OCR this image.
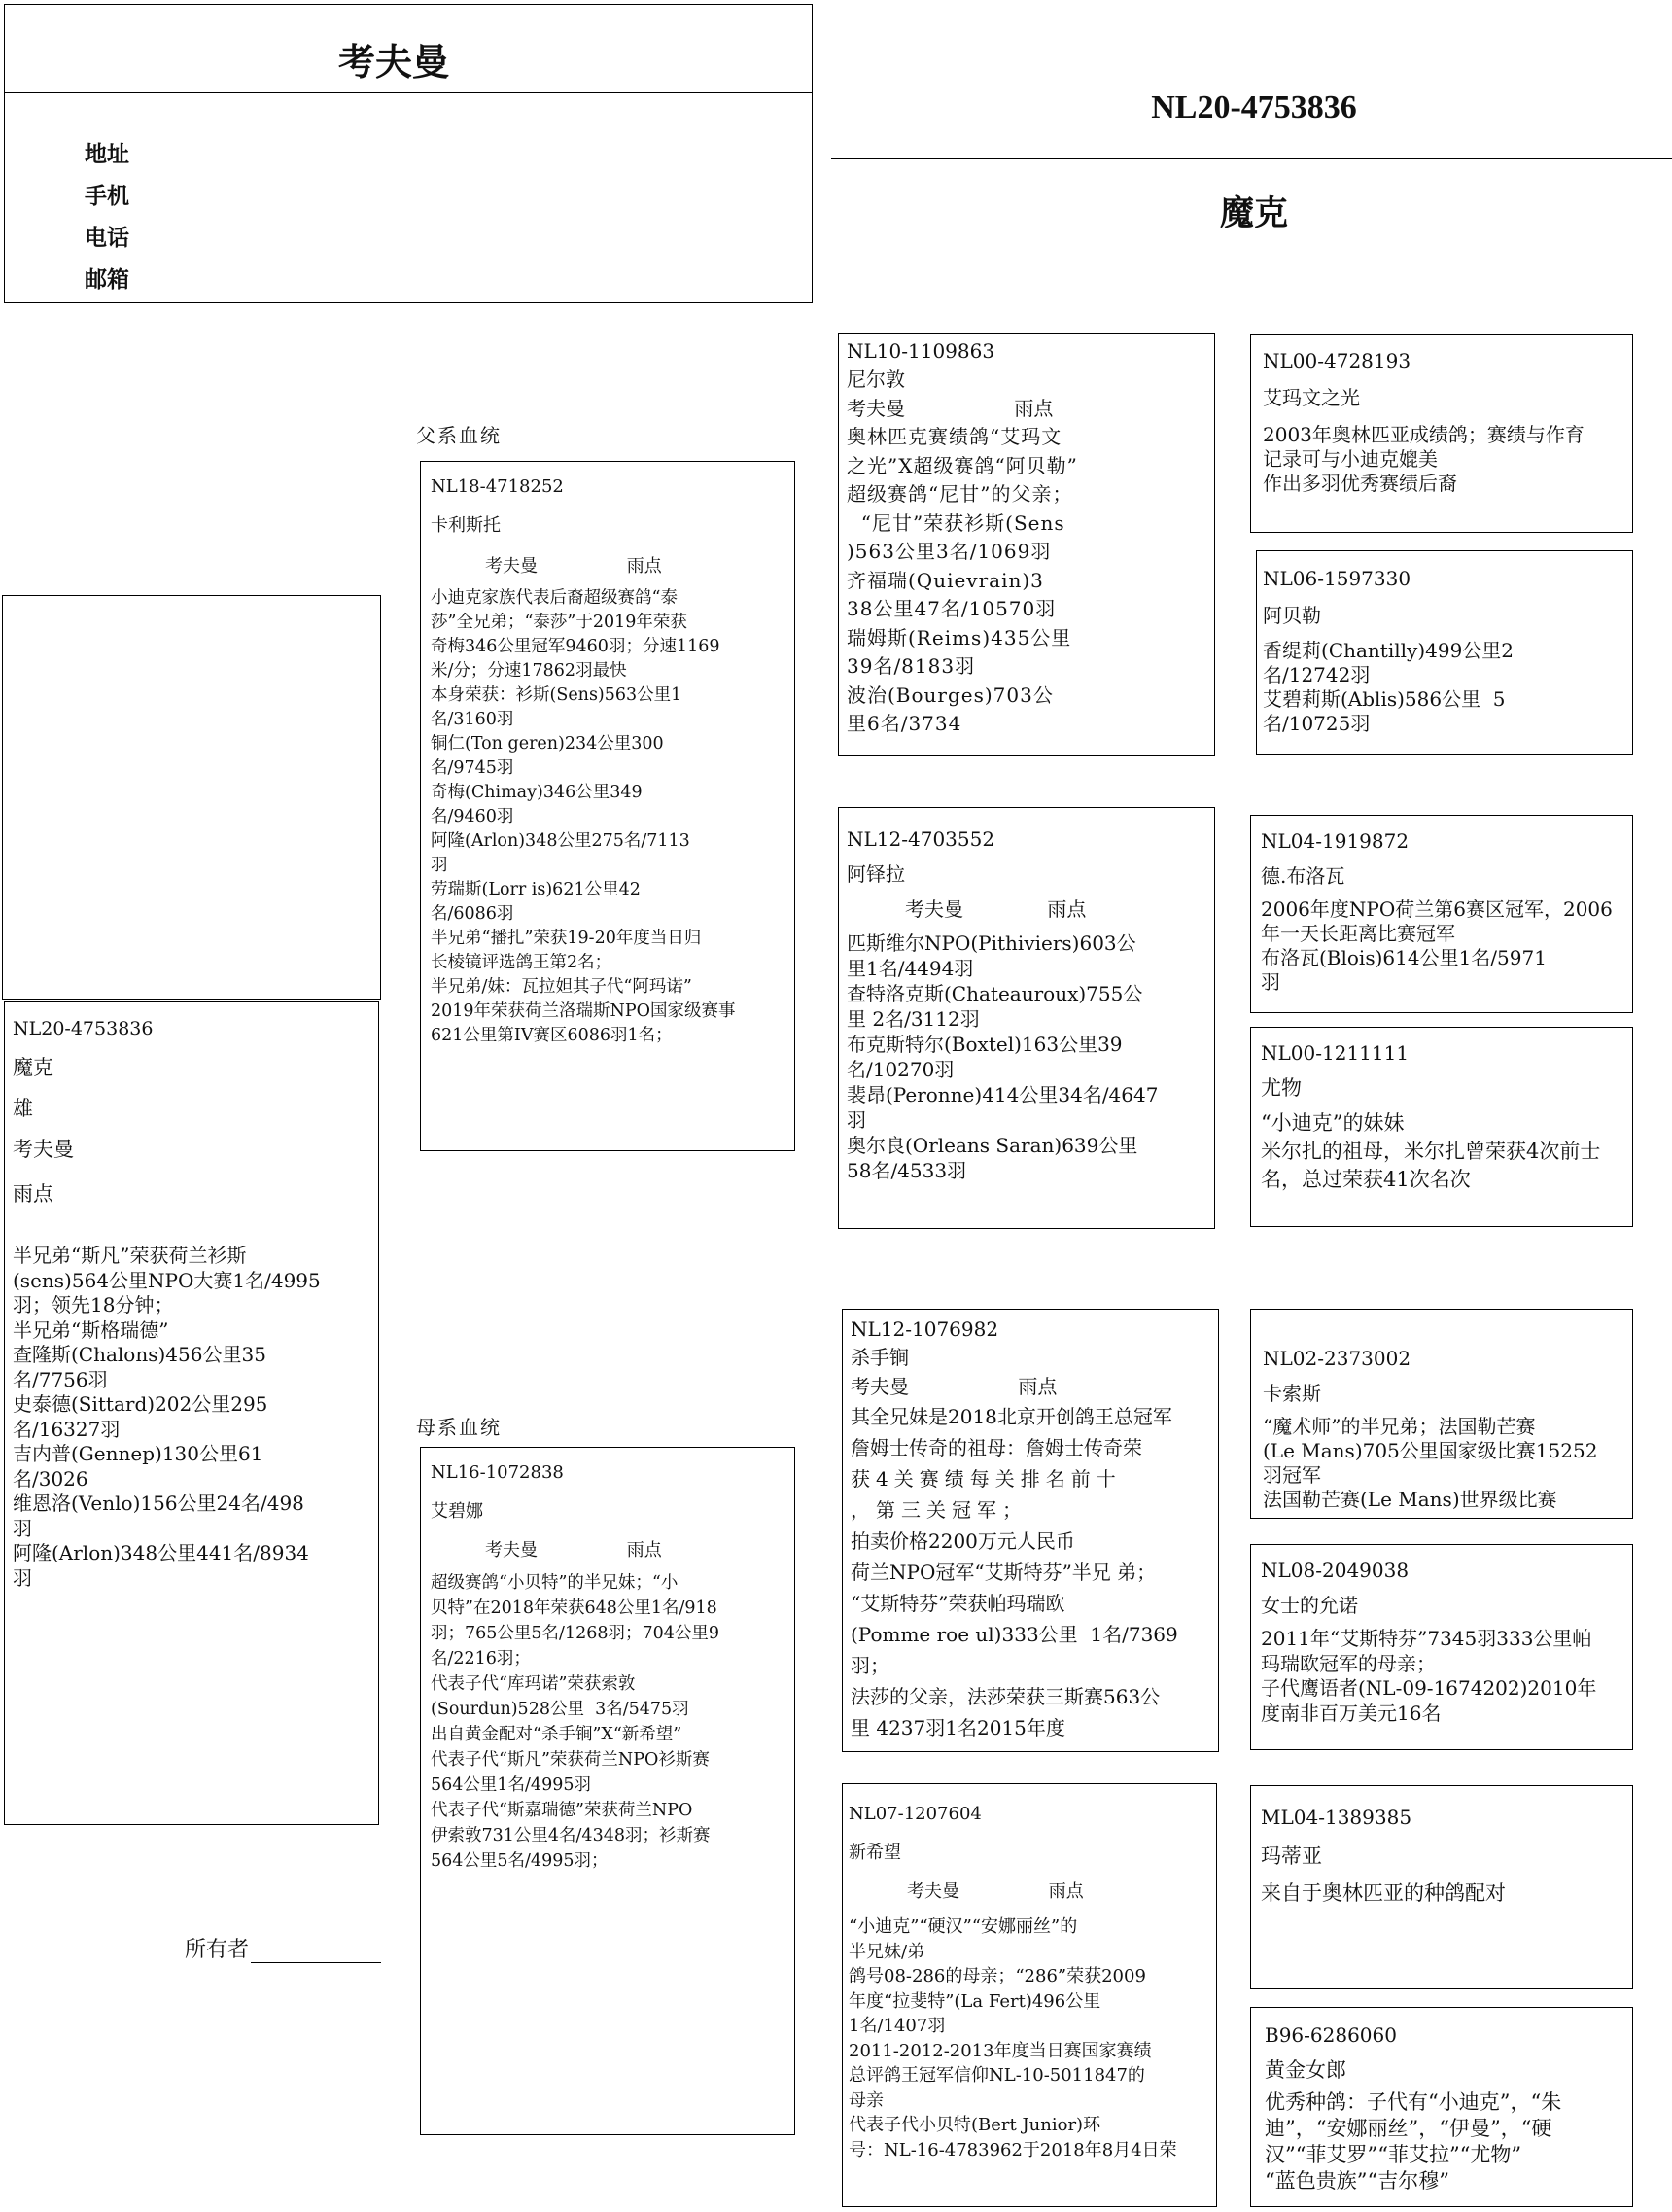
考夫曼
地址
手机
电话
邮箱
NL20-4753836
魔克
NL20-4753836
魔克
雄
考夫曼
雨点
半兄弟“斯凡”荣获荷兰衫斯
(sens)564公里NPO大赛1名/4995
羽；领先18分钟；
半兄弟“斯格瑞德”
查隆斯(Chalons)456公里35
名/7756羽
史泰德(Sittard)202公里295
名/16327羽
吉内普(Gennep)130公里61
名/3026
维恩洛(Venlo)156公里24名/498
羽
阿隆(Arlon)348公里441名/8934
羽
所有者
父系血统
母系血统
NL18-4718252
卡利斯托
考夫曼	雨点
小迪克家族代表后裔超级赛鸽“泰
莎”全兄弟；“泰莎”于2019年荣获
奇梅346公里冠军9460羽；分速1169
米/分；分速17862羽最快
本身荣获：衫斯(Sens)563公里1
名/3160羽
铜仁(Ton geren)234公里300
名/9745羽
奇梅(Chimay)346公里349
名/9460羽
阿隆(Arlon)348公里275名/7113
羽
劳瑞斯(Lorr is)621公里42
名/6086羽
半兄弟“播扎”荣获19-20年度当日归
长棱镜评选鸽王第2名；
半兄弟/妹：瓦拉妲其子代“阿玛诺”
2019年荣获荷兰洛瑞斯NPO国家级赛事
621公里第IV赛区6086羽1名；
NL16-1072838
艾碧娜
考夫曼	雨点
超级赛鸽“小贝特”的半兄妹；“小
贝特”在2018年荣获648公里1名/918
羽；765公里5名/1268羽；704公里9
名/2216羽；
代表子代“库玛诺”荣获索敦
(Sourdun)528公里  3名/5475羽
出自黄金配对“杀手锏”X“新希望”
代表子代“斯凡”荣获荷兰NPO衫斯赛
564公里1名/4995羽
代表子代“斯嘉瑞德”荣获荷兰NPO
伊索敦731公里4名/4348羽；衫斯赛
564公里5名/4995羽；
NL10-1109863
尼尔敦
考夫曼	雨点
奥林匹克赛绩鸽“艾玛文
之光”X超级赛鸽“阿贝勒”
超级赛鸽“尼甘”的父亲；
“尼甘”荣获衫斯(Sens
)563公里3名/1069羽
齐福瑞(Quievrain)3
38公里47名/10570羽
瑞姆斯(Reims)435公里
39名/8183羽
波治(Bourges)703公
里6名/3734
NL12-4703552
阿铎拉
考夫曼	雨点
匹斯维尔NPO(Pithiviers)603公
里1名/4494羽
查特洛克斯(Chateauroux)755公
里 2名/3112羽
布克斯特尔(Boxtel)163公里39
名/10270羽
裴昂(Peronne)414公里34名/4647
羽
奥尔良(Orleans Saran)639公里
58名/4533羽
NL12-1076982
杀手锏
考夫曼	雨点
其全兄妹是2018北京开创鸽王总冠军
詹姆士传奇的祖母：詹姆士传奇荣
获4关赛绩每关排名前十
，第三关冠军；
拍卖价格2200万元人民币
荷兰NPO冠军“艾斯特芬”半兄 弟；
“艾斯特芬”荣获帕玛瑞欧
(Pomme roe ul)333公里  1名/7369
羽；
法莎的父亲，法莎荣获三斯赛563公
里 4237羽1名2015年度
NL07-1207604
新希望
考夫曼	雨点
“小迪克”“硬汉”“安娜丽丝”的
半兄妹/弟
鸽号08-286的母亲；“286”荣获2009
年度“拉斐特”(La Fert)496公里
1名/1407羽
2011-2012-2013年度当日赛国家赛绩
总评鸽王冠军信仰NL-10-5011847的
母亲
代表子代小贝特(Bert Junior)环
号：NL-16-4783962于2018年8月4日荣
NL00-4728193
艾玛文之光
2003年奥林匹亚成绩鸽；赛绩与作育
记录可与小迪克媲美
作出多羽优秀赛绩后裔
NL06-1597330
阿贝勒
香缇莉(Chantilly)499公里2
名/12742羽
艾碧莉斯(Ablis)586公里  5
名/10725羽
NL04-1919872
德.布洛瓦
2006年度NPO荷兰第6赛区冠军，2006
年一天长距离比赛冠军
布洛瓦(Blois)614公里1名/5971
羽
NL00-1211111
尤物
“小迪克”的妹妹
米尔扎的祖母，米尔扎曾荣获4次前士
名，总过荣获41次名次
NL02-2373002
卡索斯
“魔术师”的半兄弟；法国勒芒赛
(Le Mans)705公里国家级比赛15252
羽冠军
法国勒芒赛(Le Mans)世界级比赛
NL08-2049038
女士的允诺
2011年“艾斯特芬”7345羽333公里帕
玛瑞欧冠军的母亲；
子代鹰语者(NL-09-1674202)2010年
度南非百万美元16名
ML04-1389385
玛蒂亚
来自于奥林匹亚的种鸽配对
B96-6286060
黄金女郎
优秀种鸽：子代有“小迪克”，“朱
迪”，“安娜丽丝”，“伊曼”，“硬
汉”“菲艾罗”“菲艾拉”“尤物”
“蓝色贵族”“吉尔穆”
